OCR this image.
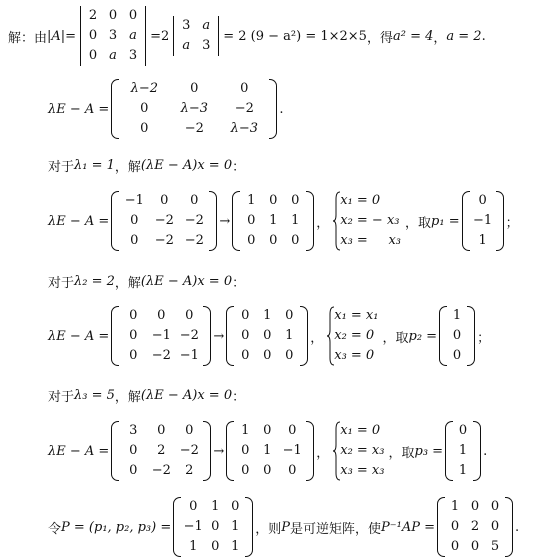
解：由 |A|=
2 0 0
0 3 a
0 a 3
=2
3 a
a 3
= 2 (9 − a²) = 1×2×5 ，得 a² = 4 ， a = 2 .
λE − A =
λ−2 0	0
0 λ−3 −2
0	−2 λ−3
.
对于 λ₁ = 1 ，解 (λE − A)x = 0 ：
λE − A =
−1 0 0
0 −2 −2
0 −2 −2
→
1 0 0
0 1 1
0 0 0
，
x₁ = 0
x₂ = − x₃
x₃ =     x₃
，取 p₁ =
0
−1
1
；
对于 λ₂ = 2 ，解 (λE − A)x = 0 ：
λE − A =
0 0 0
0 −1 −2
0 −2 −1
→
0 1 0
0 0 1
0 0 0
，
x₁ = x₁
x₂ = 0
x₃ = 0
，取 p₂ =
1
0
0
；
对于 λ₃ = 5 ，解 (λE − A)x = 0 ：
λE − A =
3 0 0
0 2 −2
0 −2 2
→
1 0 0
0 1 −1
0 0 0
，
x₁ = 0
x₂ = x₃
x₃ = x₃
，取 p₃ =
0
1
1
.
令 P = (p₁, p₂, p₃) =
0 1 0
−1 0 1
1 0 1
，则 P 是可逆矩阵，使 P⁻¹AP =
1 0 0
0 2 0
0 0 5
.
